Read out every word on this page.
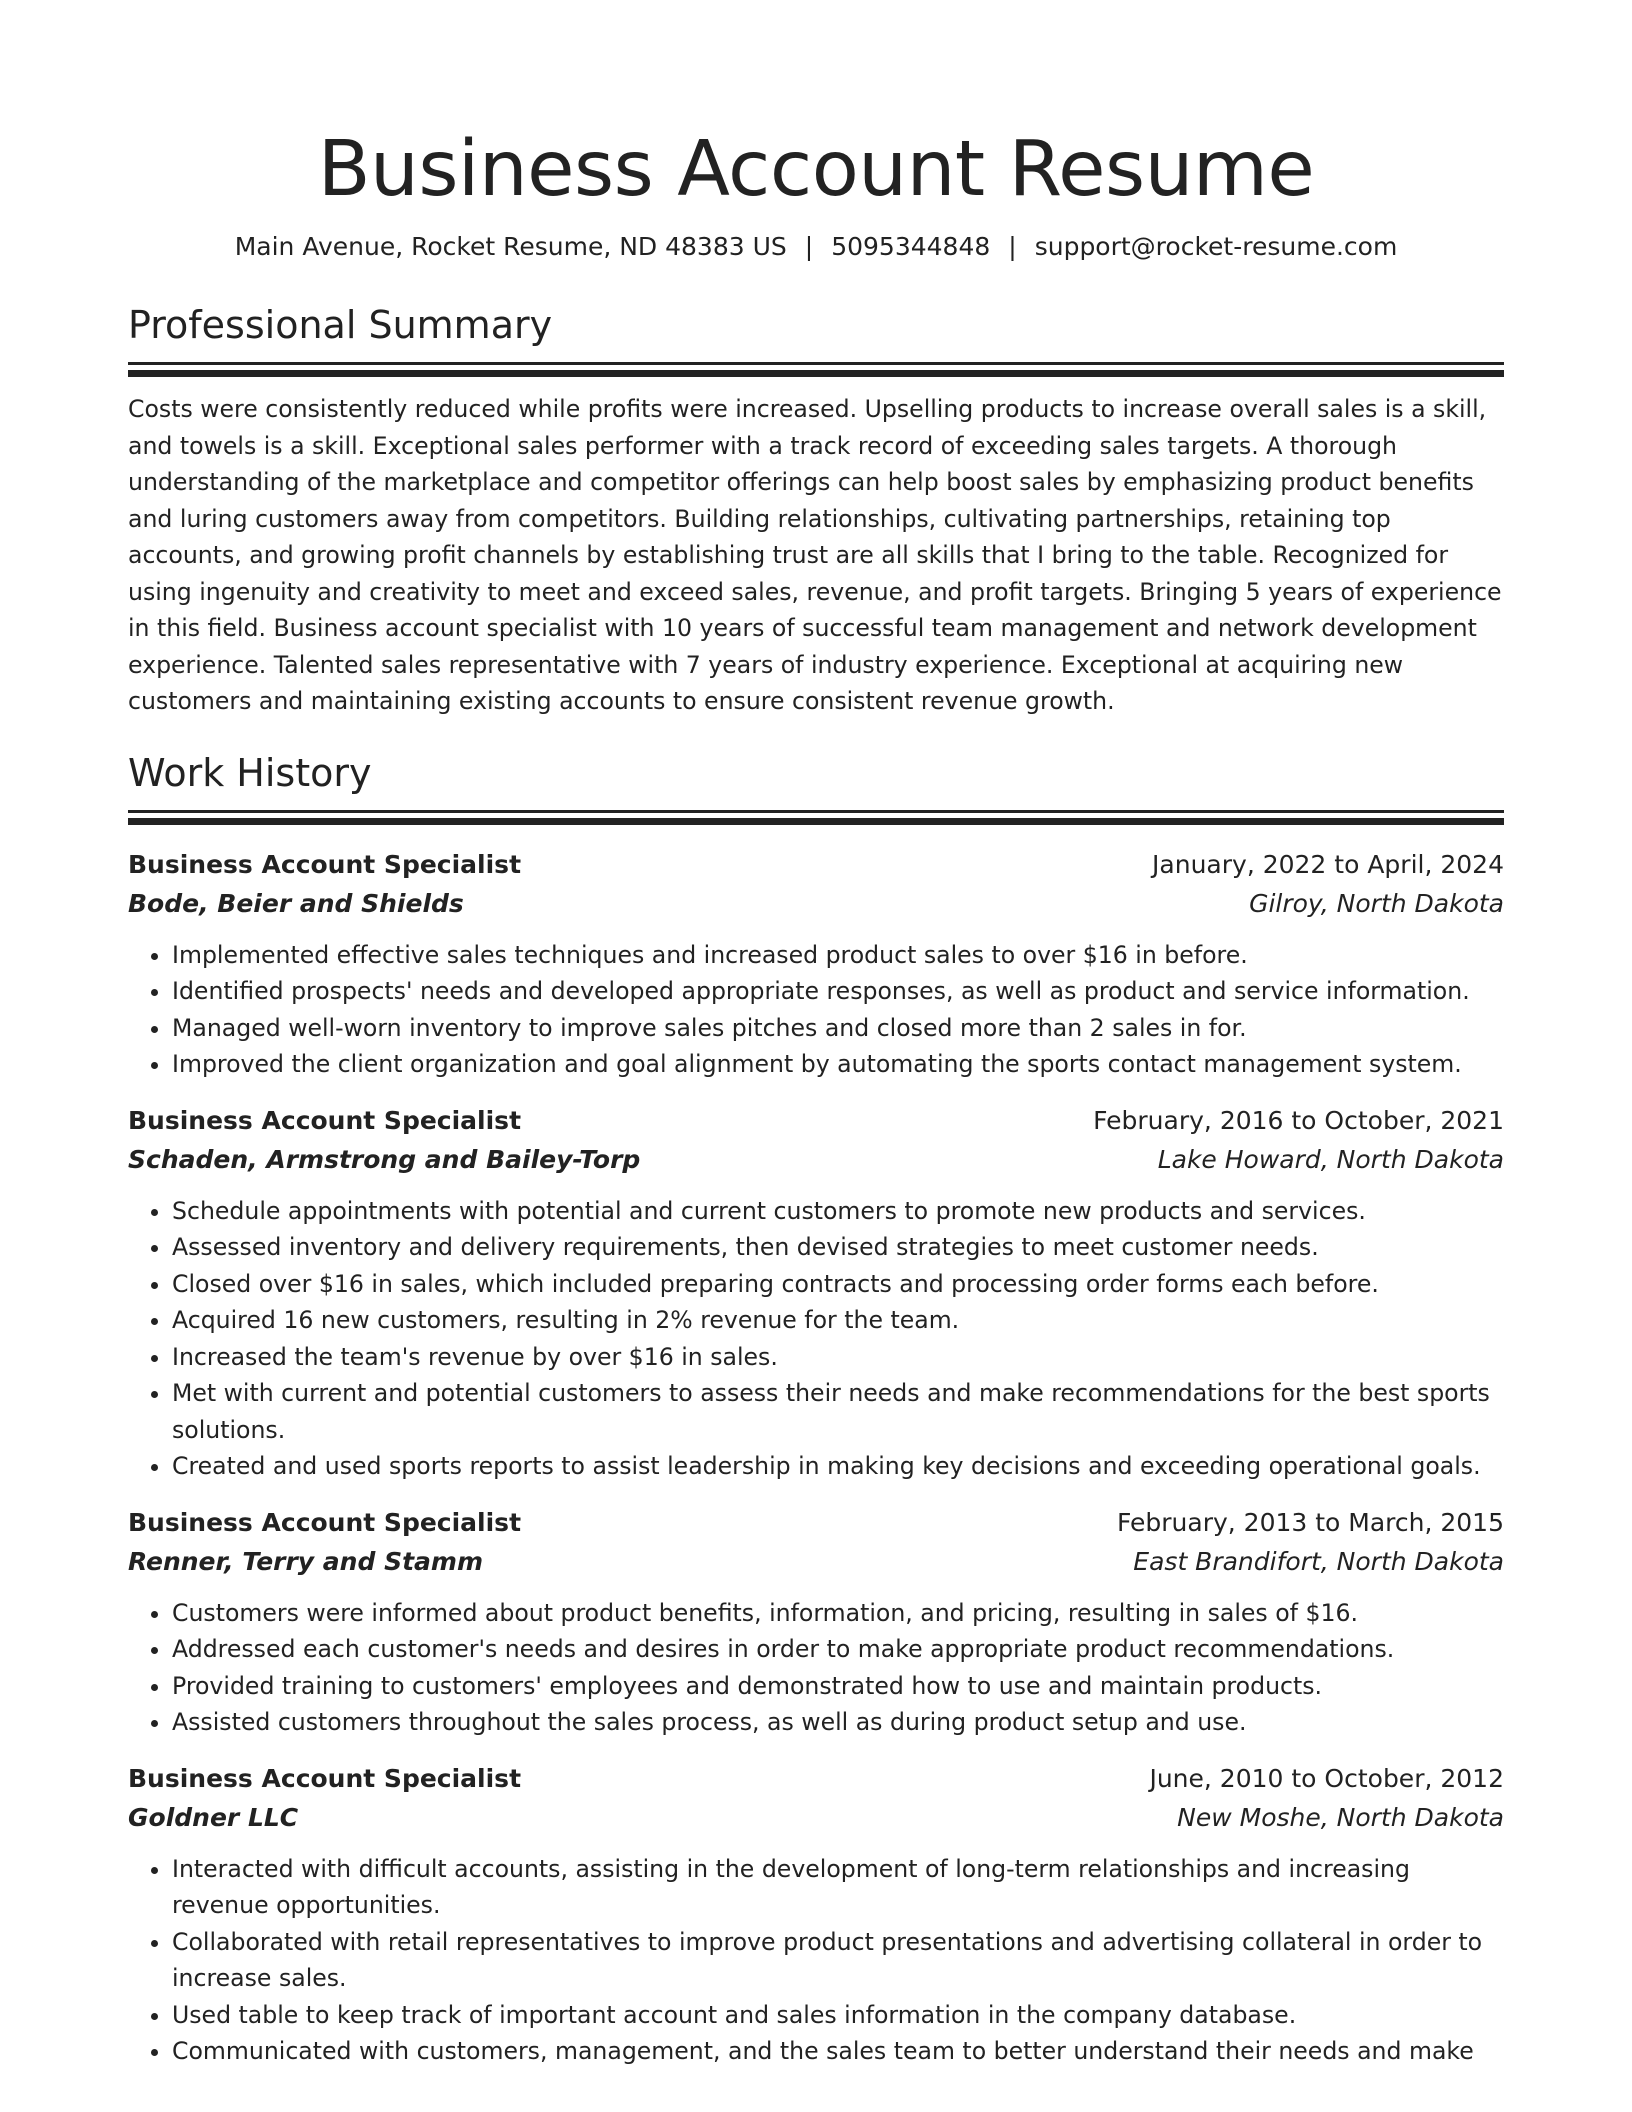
Business Account Resume
Main Avenue, Rocket Resume, ND 48383 US | 5095344848 | support@rocket-resume.com
Professional Summary
Costs were consistently reduced while profits were increased. Upselling products to increase overall sales is a skill, and towels is a skill. Exceptional sales performer with a track record of exceeding sales targets. A thorough understanding of the marketplace and competitor offerings can help boost sales by emphasizing product benefits and luring customers away from competitors. Building relationships, cultivating partnerships, retaining top accounts, and growing profit channels by establishing trust are all skills that I bring to the table. Recognized for using ingenuity and creativity to meet and exceed sales, revenue, and profit targets. Bringing 5 years of experience in this field. Business account specialist with 10 years of successful team management and network development experience. Talented sales representative with 7 years of industry experience. Exceptional at acquiring new customers and maintaining existing accounts to ensure consistent revenue growth.
Work History
Business Account Specialist	January, 2022 to April, 2024
Bode, Beier and Shields	Gilroy, North Dakota
• Implemented effective sales techniques and increased product sales to over $16 in before.
• Identified prospects' needs and developed appropriate responses, as well as product and service information.
• Managed well-worn inventory to improve sales pitches and closed more than 2 sales in for.
• Improved the client organization and goal alignment by automating the sports contact management system.
Business Account Specialist	February, 2016 to October, 2021
Schaden, Armstrong and Bailey-Torp	Lake Howard, North Dakota
• Schedule appointments with potential and current customers to promote new products and services.
• Assessed inventory and delivery requirements, then devised strategies to meet customer needs.
• Closed over $16 in sales, which included preparing contracts and processing order forms each before.
• Acquired 16 new customers, resulting in 2% revenue for the team.
• Increased the team's revenue by over $16 in sales.
• Met with current and potential customers to assess their needs and make recommendations for the best sports solutions.
• Created and used sports reports to assist leadership in making key decisions and exceeding operational goals.
Business Account Specialist	February, 2013 to March, 2015
Renner, Terry and Stamm	East Brandifort, North Dakota
• Customers were informed about product benefits, information, and pricing, resulting in sales of $16.
• Addressed each customer's needs and desires in order to make appropriate product recommendations.
• Provided training to customers' employees and demonstrated how to use and maintain products.
• Assisted customers throughout the sales process, as well as during product setup and use.
Business Account Specialist	June, 2010 to October, 2012
Goldner LLC	New Moshe, North Dakota
• Interacted with difficult accounts, assisting in the development of long-term relationships and increasing revenue opportunities.
• Collaborated with retail representatives to improve product presentations and advertising collateral in order to increase sales.
• Used table to keep track of important account and sales information in the company database.
• Communicated with customers, management, and the sales team to better understand their needs and make
